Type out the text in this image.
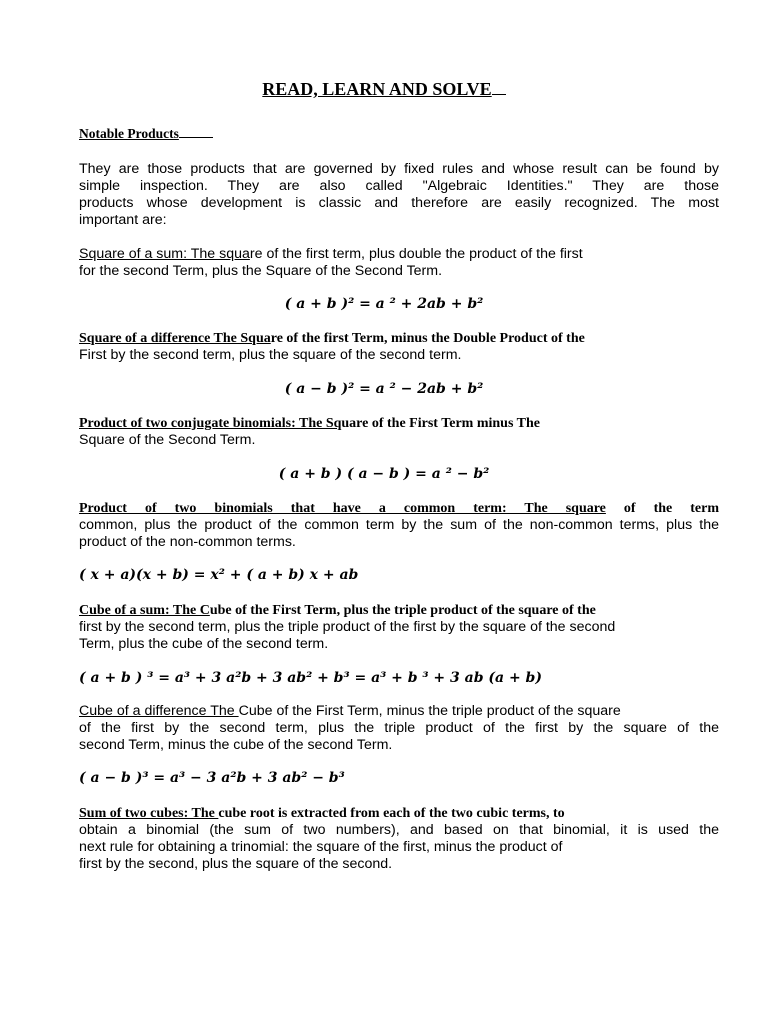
READ, LEARN AND SOLVE
Notable Products
They are those products that are governed by fixed rules and whose result can be found by
simple inspection. They are also called "Algebraic Identities." They are those
products whose development is classic and therefore are easily recognized. The most
important are:
Square of a sum: The square of the first term, plus double the product of the first
for the second Term, plus the Square of the Second Term.
( a + b )² = a ² + 2ab + b²
Square of a difference The Square of the first Term, minus the Double Product of the
First by the second term, plus the square of the second term.
( a − b )² = a ² − 2ab + b²
Product of two conjugate binomials: The Square of the First Term minus The
Square of the Second Term.
( a + b ) ( a − b ) = a ² − b²
Product of two binomials that have a common term: The square of the term
common, plus the product of the common term by the sum of the non-common terms, plus the
product of the non-common terms.
( x + a)(x + b) = x² + ( a + b) x + ab
Cube of a sum: The Cube of the First Term, plus the triple product of the square of the
first by the second term, plus the triple product of the first by the square of the second
Term, plus the cube of the second term.
( a + b ) ³ = a³ + 3 a²b + 3 ab² + b³ = a³ + b ³ + 3 ab (a + b)
Cube of a difference The Cube of the First Term, minus the triple product of the square
of the first by the second term, plus the triple product of the first by the square of the
second Term, minus the cube of the second Term.
( a − b )³ = a³ − 3 a²b + 3 ab² − b³
Sum of two cubes: The cube root is extracted from each of the two cubic terms, to
obtain a binomial (the sum of two numbers), and based on that binomial, it is used the
next rule for obtaining a trinomial: the square of the first, minus the product of
first by the second, plus the square of the second.
